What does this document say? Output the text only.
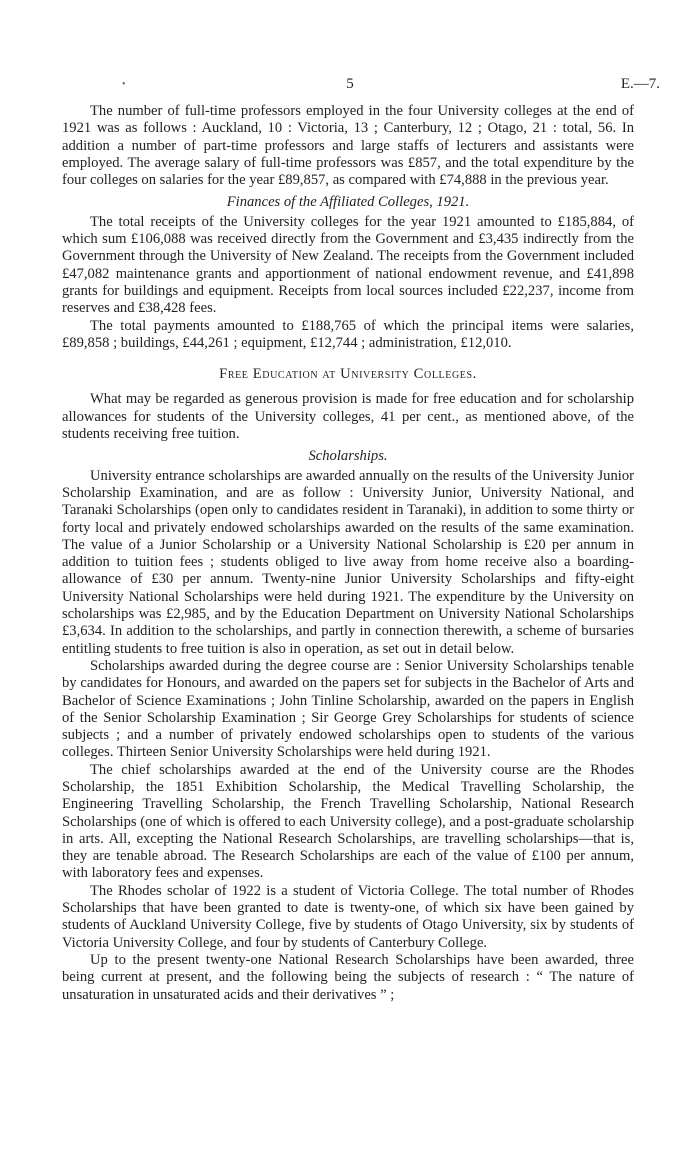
•	5	E.—7.

The number of full-time professors employed in the four University colleges at the end of 1921 was as follows : Auckland, 10 : Victoria, 13 ; Canterbury, 12 ; Otago, 21 : total, 56. In addition a number of part-time professors and large staffs of lecturers and assistants were employed. The average salary of full-time professors was £857, and the total expenditure by the four colleges on salaries for the year £89,857, as compared with £74,888 in the previous year.

Finances of the Affiliated Colleges, 1921.

The total receipts of the University colleges for the year 1921 amounted to £185,884, of which sum £106,088 was received directly from the Government and £3,435 indirectly from the Government through the University of New Zealand. The receipts from the Government included £47,082 maintenance grants and apportionment of national endowment revenue, and £41,898 grants for buildings and equipment. Receipts from local sources included £22,237, income from reserves and £38,428 fees.

The total payments amounted to £188,765 of which the principal items were salaries, £89,858 ; buildings, £44,261 ; equipment, £12,744 ; administration, £12,010.

Free Education at University Colleges.

What may be regarded as generous provision is made for free education and for scholarship allowances for students of the University colleges, 41 per cent., as mentioned above, of the students receiving free tuition.

Scholarships.

University entrance scholarships are awarded annually on the results of the University Junior Scholarship Examination, and are as follow : University Junior, University National, and Taranaki Scholarships (open only to candidates resident in Taranaki), in addition to some thirty or forty local and privately endowed scholarships awarded on the results of the same examination. The value of a Junior Scholarship or a University National Scholarship is £20 per annum in addition to tuition fees ; students obliged to live away from home receive also a boarding-allowance of £30 per annum. Twenty-nine Junior University Scholarships and fifty-eight University National Scholarships were held during 1921. The expenditure by the University on scholarships was £2,985, and by the Education Department on University National Scholarships £3,634. In addition to the scholarships, and partly in connection therewith, a scheme of bursaries entitling students to free tuition is also in operation, as set out in detail below.

Scholarships awarded during the degree course are : Senior University Scholarships tenable by candidates for Honours, and awarded on the papers set for subjects in the Bachelor of Arts and Bachelor of Science Examinations ; John Tinline Scholarship, awarded on the papers in English of the Senior Scholarship Examination ; Sir George Grey Scholarships for students of science subjects ; and a number of privately endowed scholarships open to students of the various colleges. Thirteen Senior University Scholarships were held during 1921.

The chief scholarships awarded at the end of the University course are the Rhodes Scholarship, the 1851 Exhibition Scholarship, the Medical Travelling Scholarship, the Engineering Travelling Scholarship, the French Travelling Scholarship, National Research Scholarships (one of which is offered to each University college), and a post-graduate scholarship in arts. All, excepting the National Research Scholarships, are travelling scholarships—that is, they are tenable abroad. The Research Scholarships are each of the value of £100 per annum, with laboratory fees and expenses.

The Rhodes scholar of 1922 is a student of Victoria College. The total number of Rhodes Scholarships that have been granted to date is twenty-one, of which six have been gained by students of Auckland University College, five by students of Otago University, six by students of Victoria University College, and four by students of Canterbury College.

Up to the present twenty-one National Research Scholarships have been awarded, three being current at present, and the following being the subjects of research : “ The nature of unsaturation in unsaturated acids and their derivatives ” ;
